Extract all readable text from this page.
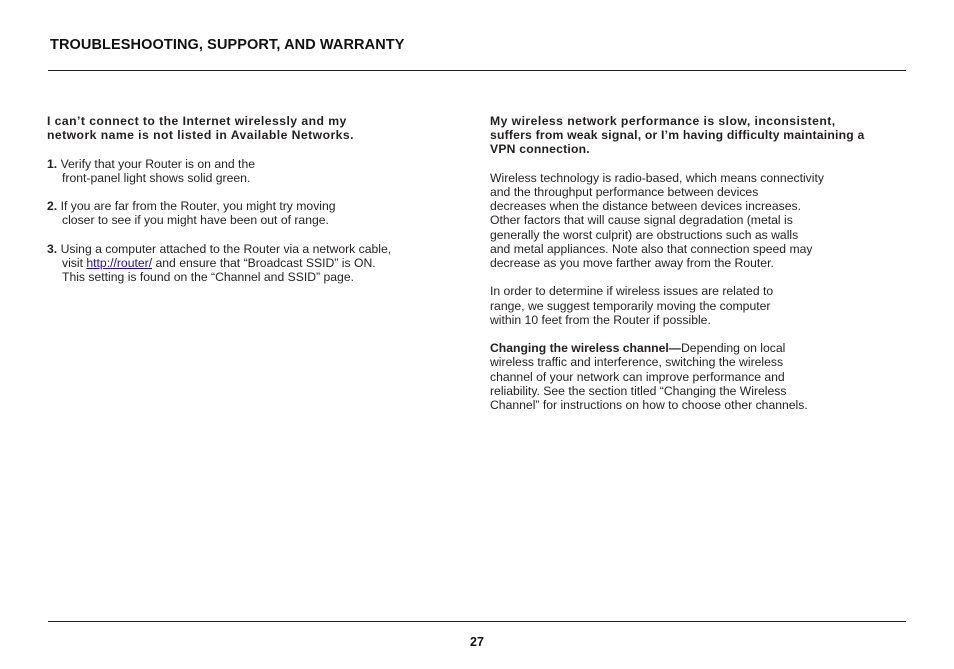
TROUBLESHOOTING, SUPPORT, AND WARRANTY
I can’t connect to the Internet wirelessly and my
network name is not listed in Available Networks.
1. Verify that your Router is on and the
front-panel light shows solid green.
2. If you are far from the Router, you might try moving
closer to see if you might have been out of range.
3. Using a computer attached to the Router via a network cable,
visit http://router/ and ensure that “Broadcast SSID” is ON.
This setting is found on the “Channel and SSID” page.
My wireless network performance is slow, inconsistent,
suffers from weak signal, or I’m having difficulty maintaining a
VPN connection.
Wireless technology is radio-based, which means connectivity
and the throughput performance between devices
decreases when the distance between devices increases.
Other factors that will cause signal degradation (metal is
generally the worst culprit) are obstructions such as walls
and metal appliances. Note also that connection speed may
decrease as you move farther away from the Router.
In order to determine if wireless issues are related to
range, we suggest temporarily moving the computer
within 10 feet from the Router if possible.
Changing the wireless channel—Depending on local
wireless traffic and interference, switching the wireless
channel of your network can improve performance and
reliability. See the section titled “Changing the Wireless
Channel” for instructions on how to choose other channels.
27
